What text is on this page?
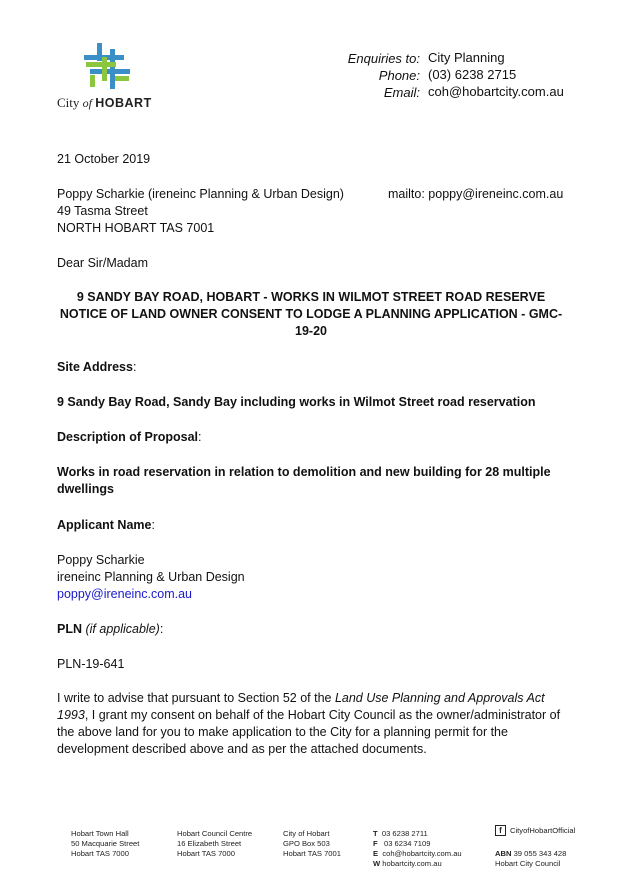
City of HOBART
Enquiries to: City Planning
Phone: (03) 6238 2715
Email: coh@hobartcity.com.au
21 October 2019
Poppy Scharkie (ireneinc Planning & Urban Design)	mailto: poppy@ireneinc.com.au
49 Tasma Street
NORTH HOBART TAS 7001
Dear Sir/Madam
9 SANDY BAY ROAD, HOBART - WORKS IN WILMOT STREET ROAD RESERVE
NOTICE OF LAND OWNER CONSENT TO LODGE A PLANNING APPLICATION - GMC-
19-20
Site Address:
9 Sandy Bay Road, Sandy Bay including works in Wilmot Street road reservation
Description of Proposal:
Works in road reservation in relation to demolition and new building for 28 multiple dwellings
Applicant Name:
Poppy Scharkie
ireneinc Planning & Urban Design
poppy@ireneinc.com.au
PLN (if applicable):
PLN-19-641
I write to advise that pursuant to Section 52 of the Land Use Planning and Approvals Act 1993, I grant my consent on behalf of the Hobart City Council as the owner/administrator of the above land for you to make application to the City for a planning permit for the development described above and as per the attached documents.
Hobart Town Hall
50 Macquarie Street
Hobart TAS 7000
Hobart Council Centre
16 Elizabeth Street
Hobart TAS 7000
City of Hobart
GPO Box 503
Hobart TAS 7001
T 03 6238 2711
F 03 6234 7109
E coh@hobartcity.com.au
W hobartcity.com.au
f	CityofHobartOfficial
ABN 39 055 343 428
Hobart City Council
